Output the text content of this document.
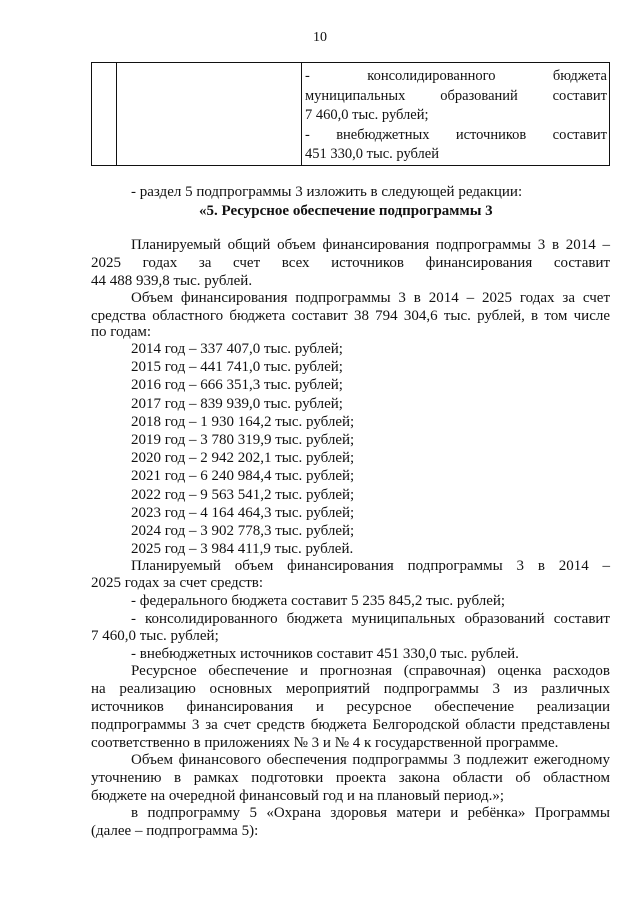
10

- консолидированного	бюджета
муниципальных образований составит
7 460,0 тыс. рублей;
- внебюджетных источников составит
451 330,0 тыс. рублей
- раздел 5 подпрограммы 3 изложить в следующей редакции:
«5. Ресурсное обеспечение подпрограммы 3
Планируемый общий объем финансирования подпрограммы 3 в 2014 –
2025 годах за счет всех источников финансирования составит
44 488 939,8 тыс. рублей.
Объем финансирования подпрограммы 3 в 2014 – 2025 годах за счет
средства областного бюджета составит 38 794 304,6 тыс. рублей, в том числе
по годам:
2014 год – 337 407,0 тыс. рублей;
2015 год – 441 741,0 тыс. рублей;
2016 год – 666 351,3 тыс. рублей;
2017 год – 839 939,0 тыс. рублей;
2018 год – 1 930 164,2 тыс. рублей;
2019 год – 3 780 319,9 тыс. рублей;
2020 год – 2 942 202,1 тыс. рублей;
2021 год – 6 240 984,4 тыс. рублей;
2022 год – 9 563 541,2 тыс. рублей;
2023 год – 4 164 464,3 тыс. рублей;
2024 год – 3 902 778,3 тыс. рублей;
2025 год – 3 984 411,9 тыс. рублей.
Планируемый объем финансирования подпрограммы 3 в 2014 –
2025 годах за счет средств:
- федерального бюджета составит 5 235 845,2 тыс. рублей;
- консолидированного бюджета муниципальных образований составит
7 460,0 тыс. рублей;
- внебюджетных источников составит 451 330,0 тыс. рублей.
Ресурсное обеспечение и прогнозная (справочная) оценка расходов
на реализацию основных мероприятий подпрограммы 3 из различных
источников финансирования и ресурсное обеспечение реализации
подпрограммы 3 за счет средств бюджета Белгородской области представлены
соответственно в приложениях № 3 и № 4 к государственной программе.
Объем финансового обеспечения подпрограммы 3 подлежит ежегодному
уточнению в рамках подготовки проекта закона области об областном
бюджете на очередной финансовый год и на плановый период.»;
в подпрограмму 5 «Охрана здоровья матери и ребёнка» Программы
(далее – подпрограмма 5):
